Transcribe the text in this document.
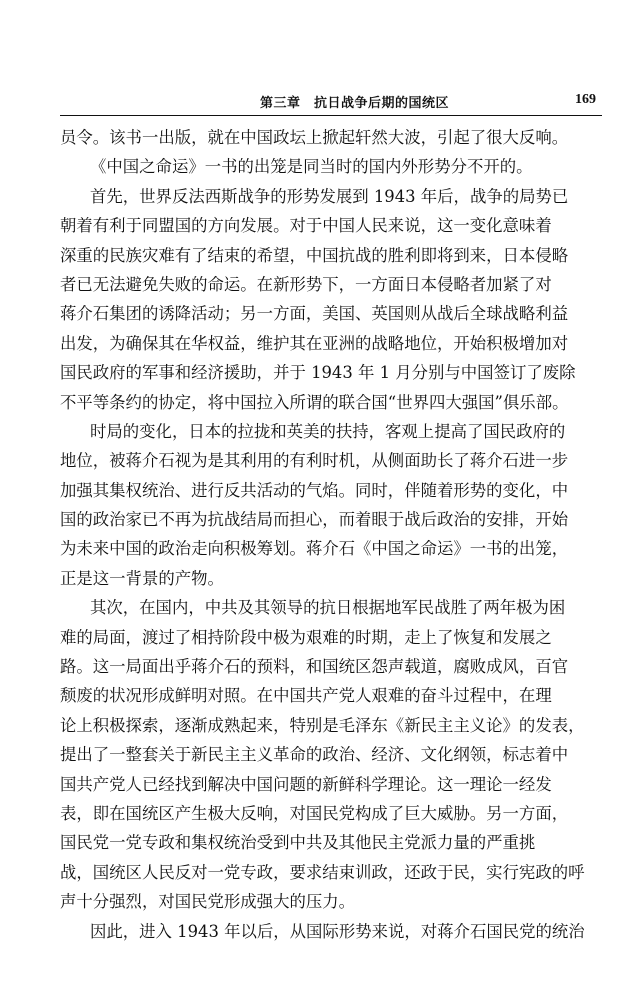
第三章　抗日战争后期的国统区	169
员令。该书一出版，就在中国政坛上掀起轩然大波，引起了很大反响。
《中国之命运》一书的出笼是同当时的国内外形势分不开的。
首先，世界反法西斯战争的形势发展到 1943 年后，战争的局势已
朝着有利于同盟国的方向发展。对于中国人民来说，这一变化意味着
深重的民族灾难有了结束的希望，中国抗战的胜利即将到来，日本侵略
者已无法避免失败的命运。在新形势下，一方面日本侵略者加紧了对
蒋介石集团的诱降活动；另一方面，美国、英国则从战后全球战略利益
出发，为确保其在华权益，维护其在亚洲的战略地位，开始积极增加对
国民政府的军事和经济援助，并于 1943 年 1 月分别与中国签订了废除
不平等条约的协定，将中国拉入所谓的联合国“世界四大强国”俱乐部。
时局的变化，日本的拉拢和英美的扶持，客观上提高了国民政府的
地位，被蒋介石视为是其利用的有利时机，从侧面助长了蒋介石进一步
加强其集权统治、进行反共活动的气焰。同时，伴随着形势的变化，中
国的政治家已不再为抗战结局而担心，而着眼于战后政治的安排，开始
为未来中国的政治走向积极筹划。蒋介石《中国之命运》一书的出笼，
正是这一背景的产物。
其次，在国内，中共及其领导的抗日根据地军民战胜了两年极为困
难的局面，渡过了相持阶段中极为艰难的时期，走上了恢复和发展之
路。这一局面出乎蒋介石的预料，和国统区怨声载道，腐败成风，百官
颓废的状况形成鲜明对照。在中国共产党人艰难的奋斗过程中，在理
论上积极探索，逐渐成熟起来，特别是毛泽东《新民主主义论》的发表，
提出了一整套关于新民主主义革命的政治、经济、文化纲领，标志着中
国共产党人已经找到解决中国问题的新鲜科学理论。这一理论一经发
表，即在国统区产生极大反响，对国民党构成了巨大威胁。另一方面，
国民党一党专政和集权统治受到中共及其他民主党派力量的严重挑
战，国统区人民反对一党专政，要求结束训政，还政于民，实行宪政的呼
声十分强烈，对国民党形成强大的压力。
因此，进入 1943 年以后，从国际形势来说，对蒋介石国民党的统治
